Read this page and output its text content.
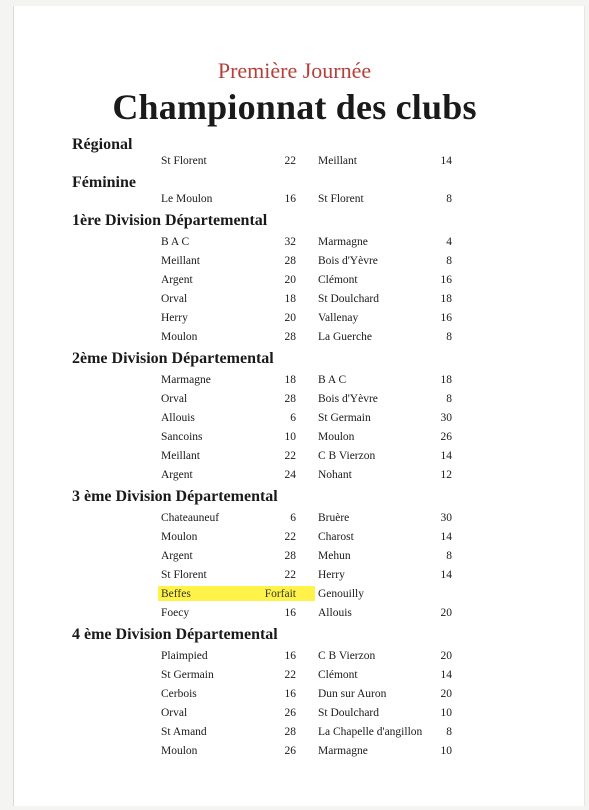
Première Journée
Championnat des clubs
Régional
St Florent	22 Meillant	14
Féminine
Le Moulon	16 St Florent	8
1ère Division Départemental
B A C	32 Marmagne	4
Meillant	28 Bois d'Yèvre	8
Argent	20 Clémont	16
Orval	18 St Doulchard	18
Herry	20 Vallenay	16
Moulon	28 La Guerche	8
2ème Division Départemental
Marmagne	18 B A C	18
Orval	28 Bois d'Yèvre	8
Allouis	6 St Germain	30
Sancoins	10 Moulon	26
Meillant	22 C B Vierzon	14
Argent	24 Nohant	12
3 ème Division Départemental
Chateauneuf	6 Bruère	30
Moulon	22 Charost	14
Argent	28 Mehun	8
St Florent	22 Herry	14
Beffes	Forfait Genouilly
Foecy	16 Allouis	20
4 ème Division Départemental
Plaimpied	16 C B Vierzon	20
St Germain	22 Clémont	14
Cerbois	16 Dun sur Auron	20
Orval	26 St Doulchard	10
St Amand	28 La Chapelle d'angillon	8
Moulon	26 Marmagne	10
